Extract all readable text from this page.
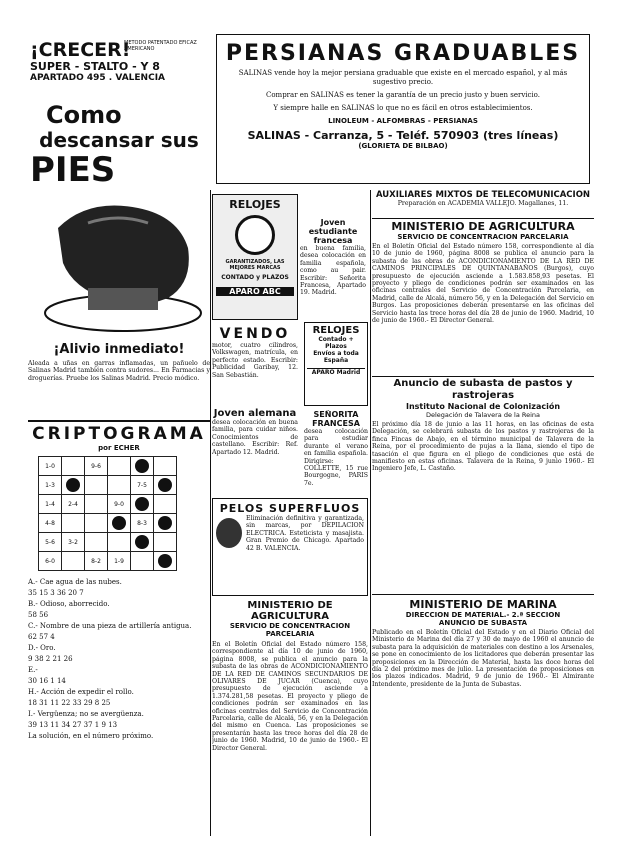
¡CRECER!
MÉTODO PATENTADO EFICAZ AMERICANO
SUPER - STALTO - Y 8
APARTADO 495 . VALENCIA
Como
descansar sus
PIES
¡Alivio inmediato!
Aleada a uñas en garras inflamadas, un pañuelo de Salinas Madrid también contra sudores... En Farmacias y droguerías. Pruebe los Salinas Madrid. Precio módico.
CRIPTOGRAMA
por ECHER
1-0		9-6			
1-3				7-5	
1-4	2-4		9-0		
4-8				8-3	
5-6	3-2				
6-0		8-2	1-9		
A.- Cae agua de las nubes.
35 15 3 36 20 7
B.- Odioso, aborrecido.
58 56
C.- Nombre de una pieza de artillería antigua.
62 57 4
D.- Oro.
9 38 2 21 26
E.-
30 16 1 14
H.- Acción de expedir el rollo.
18 31 11 22 33 29 8 25
I.- Vergüenza; no se avergüenza.
39 13 11 34 27 37 1 9 13
La solución, en el número próximo.
PERSIANAS GRADUABLES
SALINAS vende hoy la mejor persiana graduable que existe en el mercado español, y al más sugestivo precio.
Comprar en SALINAS es tener la garantía de un precio justo y buen servicio.
Y siempre halle en SALINAS lo que no es fácil en otros establecimientos.
LINOLEUM - ALFOMBRAS - PERSIANAS
SALINAS - Carranza, 5 - Teléf. 570903 (tres líneas)
(GLORIETA DE BILBAO)
RELOJES
GARANTIZADOS, LAS MEJORES MARCAS
CONTADO y PLAZOS
APARO ABC
VENDO
motor, cuatro cilindros, Volkswagen, matrícula, en perfecto estado. Escribir: Publicidad Garibay, 12. San Sebastián.
Joven alemana
desea colocación en buena familia, para cuidar niños. Conocimientos de castellano. Escribir: Ref. Apartado 12. Madrid.
Joven estudiante francesa
en buena familia, desea colocación en familia española, como au pair. Escribir: Señorita Francesa, Apartado 19. Madrid.
RELOJES
Contado + Plazos
Envíos a toda España
APARO Madrid
SEÑORITA FRANCESA
desea colocación para estudiar durante el verano en familia española. Dirigirse: COLLETTE, 15 rue Bourgogne, PARIS 7e.
PELOS SUPERFLUOS
Eliminación definitiva y garantizada, sin marcas, por DEPILACION ELECTRICA. Esteticista y masajista. Gran Premio de Chicago. Apartado 42 B. VALENCIA.
MINISTERIO DE AGRICULTURA
SERVICIO DE CONCENTRACION PARCELARIA
En el Boletín Oficial del Estado número 158, correspondiente al día 10 de junio de 1960, página 8008, se publica el anuncio para la subasta de las obras de ACONDICIONAMIENTO DE LA RED DE CAMINOS SECUNDARIOS DE OLIVARES DE JUCAR (Cuenca), cuyo presupuesto de ejecución asciende a 1.374.281,58 pesetas. El proyecto y pliego de condiciones podrán ser examinados en las oficinas centrales del Servicio de Concentración Parcelaria, calle de Alcalá, 56, y en la Delegación del mismo en Cuenca. Las proposiciones se presentarán hasta las trece horas del día 28 de junio de 1960. Madrid, 10 de junio de 1960.- El Director General.
AUXILIARES MIXTOS DE TELECOMUNICACION
Preparación en ACADEMIA VALLEJO. Magallanes, 11.
MINISTERIO DE AGRICULTURA
SERVICIO DE CONCENTRACION PARCELARIA
En el Boletín Oficial del Estado número 158, correspondiente al día 10 de junio de 1960, página 8008 se publica el anuncio para la subasta de las obras de ACONDICIONAMIENTO DE LA RED DE CAMINOS PRINCIPALES DE QUINTANABAÑOS (Burgos), cuyo presupuesto de ejecución asciende a 1.583.858,93 pesetas. El proyecto y pliego de condiciones podrán ser examinados en las oficinas centrales del Servicio de Concentración Parcelaria, en Madrid, calle de Alcalá, número 56, y en la Delegación del Servicio en Burgos. Las proposiciones deberán presentarse en las oficinas del Servicio hasta las trece horas del día 28 de junio de 1960. Madrid, 10 de junio de 1960.- El Director General.
Anuncio de subasta de pastos y rastrojeras
Instituto Nacional de Colonización
Delegación de Talavera de la Reina
El próximo día 18 de junio a las 11 horas, en las oficinas de esta Delegación, se celebrará subasta de los pastos y rastrojeras de la finca Fincas de Abajo, en el término municipal de Talavera de la Reina, por el procedimiento de pujas a la llana, siendo el tipo de tasación el que figura en el pliego de condiciones que está de manifiesto en estas oficinas. Talavera de la Reina, 9 junio 1960.- El Ingeniero Jefe, L. Castaño.
MINISTERIO DE MARINA
DIRECCION DE MATERIAL.- 2.ª SECCION
ANUNCIO DE SUBASTA
Publicado en el Boletín Oficial del Estado y en el Diario Oficial del Ministerio de Marina del día 27 y 30 de mayo de 1960 el anuncio de subasta para la adquisición de materiales con destino a los Arsenales, se pone en conocimiento de los licitadores que deberán presentar las proposiciones en la Dirección de Material, hasta las doce horas del día 2 del próximo mes de julio. La presentación de proposiciones en los plazos indicados. Madrid, 9 de junio de 1960.- El Almirante Intendente, presidente de la Junta de Subastas.
